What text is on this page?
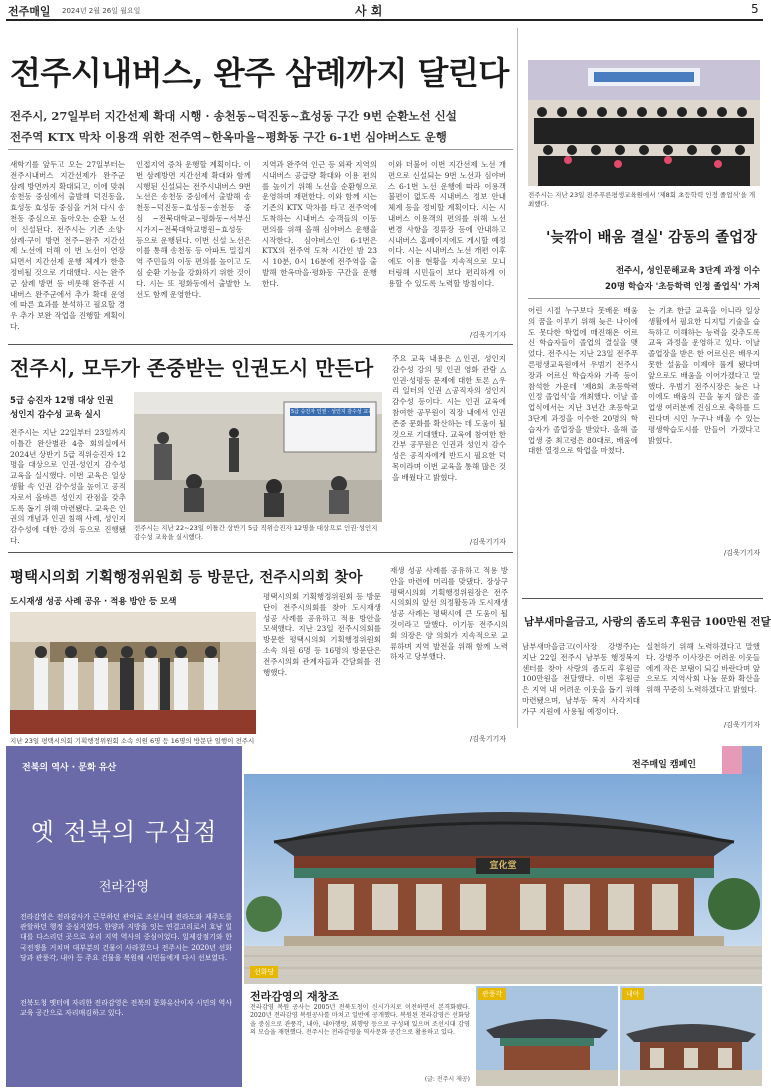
전주매일 2024년 2월 26일 월요일	사 회	5
전주시내버스, 완주 삼례까지 달린다
전주시, 27일부터 지간선제 확대 시행 · 송천동~덕진동~효성동 구간 9번 순환노선 신설
전주역 KTX 막차 이용객 위한 전주역~한옥마을~평화동 구간 6-1번 심야버스도 운행
새학기를 앞두고 오는 27일부터는 전주시내버스 지간선제가 완주군 삼례 방면까지 확대되고, 이에 맞춰 송천동 중심에서 출발해 덕진동을, 효성동 효성동 중심을 거쳐 다시 송천동 중심으로 돌아오는 순환 노선이 신설된다. 전주시는 기존 소양·삼례·구이 방면 전주~완주 지간선제 노선에 더해 이 번 노선이 연장되면서 지간선제 운행 체계가 한층 정비될 것으로 기대했다. 시는 완주군 삼례 방면 등 비롯해 완주권 시내버스 완주군에서 추가 확대 운영에 따른 효과를 분석하고 필요할 경우 추가 보완 작업을 진행할 계획이다.
인접지역 증차 운행할 계획이다. 이번 삼례방면 지간선제 확대와 함께 시행된 신설되는 전주시내버스 9번 노선은 송천동 중심에서 출발해 송천동~덕진동~효성동~송천동 중심 ~전북대학교~평화동~서부신시가지~전북대학교병원~효성동 등으로 운행된다. 이번 신설 노선은 이를 통해 송천동 등 아파트 밀집지역 주민들의 이동 편의를 높이고 도심 순환 기능을 강화하기 위한 것이다. 시는 또 평화동에서 출발한 노선도 함께 운영한다.
지역과 완주역 인근 등 외곽 지역의 시내버스 공급량 확대와 이용 편의를 높이기 위해 노선을 순환형으로 운영하며 재편한다. 이와 함께 시는 기존의 KTX 막차를 타고 전주역에 도착하는 시내버스 승객들의 이동 편의를 위해 올해 심야버스 운행을 시작한다. 심야버스인 6-1번은 KTX의 전주역 도착 시간인 밤 23시 10분, 0시 16분에 전주역을 출발해 한옥마을·평화동 구간을 운행한다.
이와 더불어 이번 지간선제 노선 개편으로 신설되는 9번 노선과 심야버스 6-1번 노선 운행에 따라 이용객 불편이 없도록 시내버스 정보 안내 체계 등을 정비할 계획이다. 시는 시내버스 이용객의 편의를 위해 노선 변경 사항을 정류장 등에 안내하고 시내버스 홈페이지에도 게시할 예정이다. 시는 시내버스 노선 개편 이후에도 이용 현황을 지속적으로 모니터링해 시민들이 보다 편리하게 이용할 수 있도록 노력할 방침이다.
/김욱기기자
전주시, 모두가 존중받는 인권도시 만든다
5급 승진자 12명 대상 인권
성인지 감수성 교육 실시
전주시는 지난 22일부터 23일까지 이틀간 완산별관 4층 회의실에서 2024년 상반기 5급 직위승진자 12명을 대상으로 인권·성인지 감수성 교육을 실시했다. 이번 교육은 일상생활 속 인권 감수성을 높이고 공직자로서 올바른 성인지 관점을 갖추도록 돕기 위해 마련됐다. 교육은 인권의 개념과 인권 침해 사례, 성인지 감수성에 대한 강의 등으로 진행됐다.
5급 승진자 인권 · 성인지 감수성 교육
전주시는 지난 22~23일 이틀간 상반기 5급 직위승진자 12명을 대상으로 인권·성인지 감수성 교육을 실시했다.
주요 교육 내용은 △인권, 성인지 감수성 강의 및 인권 영화 관람 △인권·성평등 문제에 대한 토론 △우리 일터의 인권 △공직자의 성인지 감수성 등이다. 시는 인권 교육에 참여한 공무원이 직장 내에서 인권 존중 문화를 확산하는 데 도움이 될 것으로 기대했다. 교육에 참여한 한 간부 공무원은 인권과 성인지 감수성은 공직자에게 반드시 필요한 덕목이라며 이번 교육을 통해 많은 것을 배웠다고 밝혔다.
/김욱기기자
평택시의회 기획행정위원회 등 방문단, 전주시의회 찾아
도시재생 성공 사례 공유 · 적용 방안 등 모색
지난 23일 평택시의회 기획행정위원회 소속 의원 6명 등 16명의 방문단 일행이 전주시
평택시의회 기획행정위원회 등 방문단이 전주시의회를 찾아 도시재생 성공 사례를 공유하고 적용 방안을 모색했다. 지난 23일 전주시의회를 방문한 평택시의회 기획행정위원회 소속 의원 6명 등 16명의 방문단은 전주시의회 관계자들과 간담회를 진행했다.
재생 성공 사례를 공유하고 적용 방안을 마련에 머리를 맞댔다. 장상구 평택시의회 기획행정위원장은 전주시의회의 앞선 의정활동과 도시재생 성공 사례는 평택시에 큰 도움이 될 것이라고 말했다. 이기동 전주시의회 의장은 양 의회가 지속적으로 교류하며 지역 발전을 위해 함께 노력하자고 당부했다.
/김욱기기자
전주시는 지난 23일 전주푸른평생교육원에서 '제8회 초등학력 인정 졸업식'을 개최했다.
'늦깎이 배움 결실' 감동의 졸업장
전주시, 성인문해교육 3단계 과정 이수
20명 학습자 '초등학력 인정 졸업식' 가져
어린 시절 누구보다 못배운 배움의 꿈을 이루기 위해 늦은 나이에도 못다한 학업에 매진해온 어르신 학습자들이 졸업의 결실을 맺었다. 전주시는 지난 23일 전주푸른평생교육원에서 우범기 전주시장과 어르신 학습자와 가족 등이 참석한 가운데 '제8회 초등학력 인정 졸업식'을 개최했다. 이날 졸업식에서는 지난 3년간 초등학교 3단계 과정을 이수한 20명의 학습자가 졸업장을 받았다. 올해 졸업생 중 최고령은 80대로, 배움에 대한 열정으로 학업을 마쳤다.
는 기초 한글 교육을 이니라 일상생활에서 필요한 디지털 기술을 습득하고 이해하는 능력을 갖추도록 교육 과정을 운영하고 있다. 이날 졸업장을 받은 한 어르신은 배우지 못한 설움을 이제야 풀게 됐다며 앞으로도 배움을 이어가겠다고 말했다. 우범기 전주시장은 늦은 나이에도 배움의 끈을 놓지 않은 졸업생 여러분께 진심으로 축하를 드린다며 시민 누구나 배울 수 있는 평생학습도시를 만들어 가겠다고 밝혔다.
/김욱기기자
남부새마을금고, 사랑의 좀도리 후원금 100만원 전달
남부새마을금고(이사장 강병주)는 지난 22일 전주시 남부동 행정복지센터를 찾아 사랑의 좀도리 후원금 100만원을 전달했다. 이번 후원금은 지역 내 어려운 이웃을 돕기 위해 마련됐으며, 남부동 복지 사각지대 가구 지원에 사용될 예정이다.
실천하기 위해 노력하겠다고 말했다. 강병주 이사장은 어려운 이웃들에게 작은 보탬이 되길 바란다며 앞으로도 지역사회 나눔 문화 확산을 위해 꾸준히 노력하겠다고 밝혔다.
/김욱기기자
전북의 역사 · 문화 유산
옛 전북의 구심점
전라감영
전라감영은 전라감사가 근무하던 관아로 조선시대 전라도와 제주도를 관할하던 행정 중심지였다. 한양과 지방을 잇는 연결고리로서 호남 일대를 다스리던 곳으로 우리 지역 역사의 중심이었다. 일제강점기와 한국전쟁을 거치며 대부분의 건물이 사라졌으나 전주시는 2020년 선화당과 관풍각, 내아 등 주요 건물을 복원해 시민들에게 다시 선보였다.
전북도청 옛터에 자리한 전라감영은 전북의 문화유산이자 시민의 역사교육 공간으로 자리매김하고 있다.
전주매일 캠페인
宣化堂
선화당
관풍각	내아
전라감영의 재창조
전라감영 복원 공사는 2005년 전북도청이 신시가지로 이전하면서 본격화됐다. 2020년 전라감영 복원공사를 마치고 일반에 공개했다. 복원된 전라감영은 선화당을 중심으로 관풍각, 내아, 내아행랑, 외행랑 등으로 구성돼 있으며 조선시대 감영의 모습을 재현했다. 전주시는 전라감영을 역사문화 공간으로 활용하고 있다.
(글: 전주시 제공)
